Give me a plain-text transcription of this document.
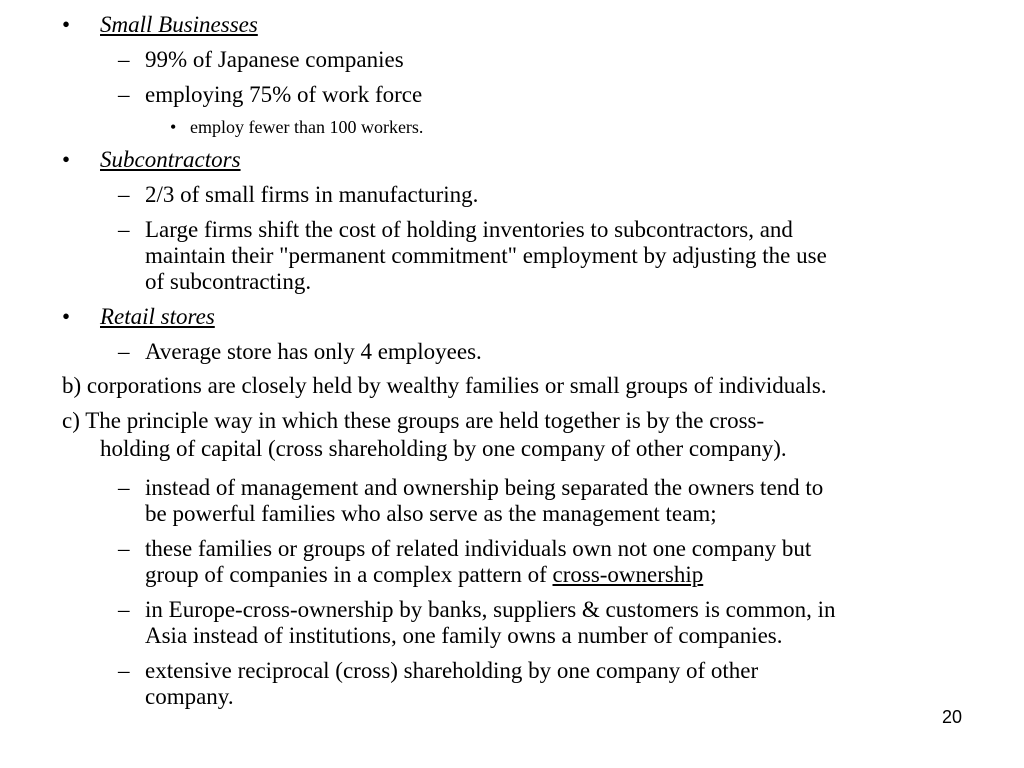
• Small Businesses
– 99% of Japanese companies
– employing 75% of work force
• employ fewer than 100 workers.
• Subcontractors
– 2/3 of small firms in manufacturing.
– Large firms shift the cost of holding inventories to subcontractors, and
maintain their "permanent commitment" employment by adjusting the use
of subcontracting.
• Retail stores
– Average store has only 4 employees.
b) corporations are closely held by wealthy families or small groups of individuals.
c) The principle way in which these groups are held together is by the cross-
holding of capital (cross shareholding by one company of other company).
– instead of management and ownership being separated the owners tend to
be powerful families who also serve as the management team;
– these families or groups of related individuals own not one company but
group of companies in a complex pattern of cross-ownership
– in Europe-cross-ownership by banks, suppliers & customers is common, in
Asia instead of institutions, one family owns a number of companies.
– extensive reciprocal (cross) shareholding by one company of other
company.
20
